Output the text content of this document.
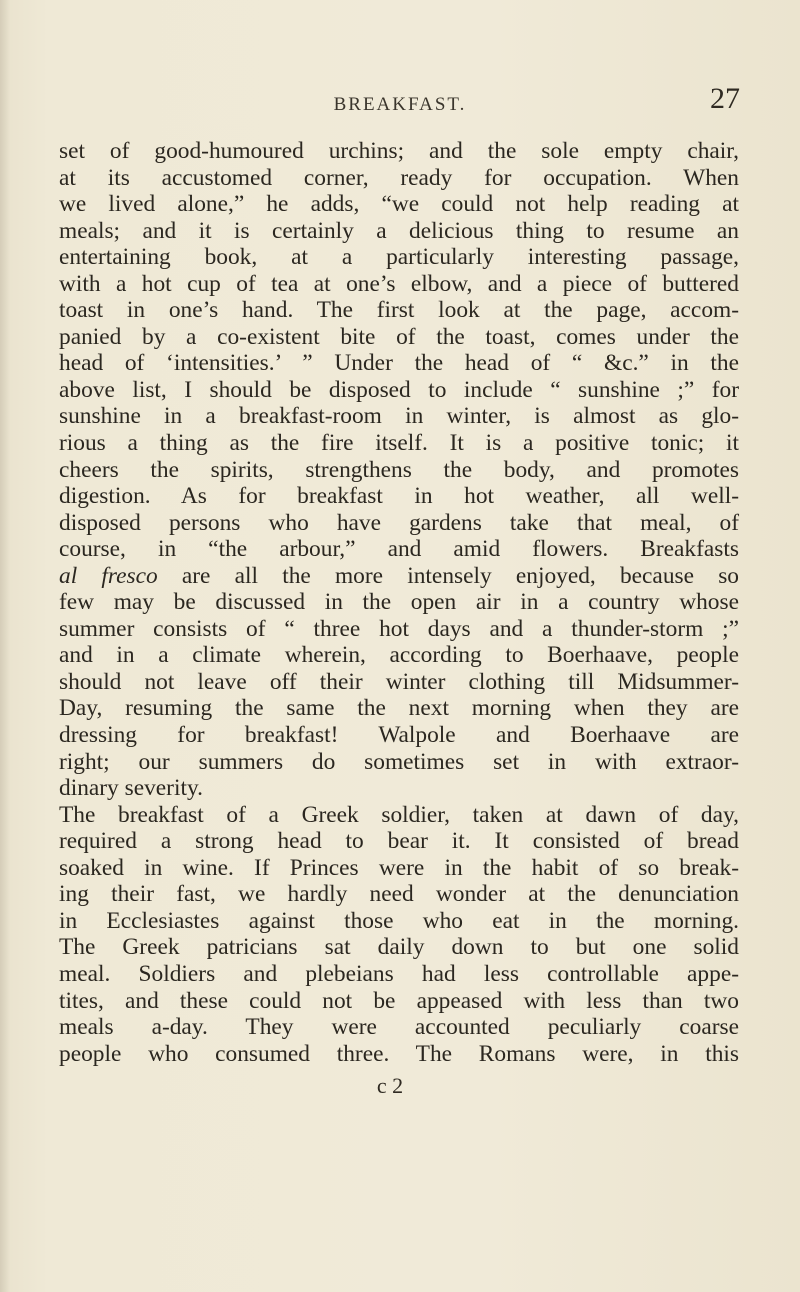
BREAKFAST.	27
set of good-humoured urchins; and the sole empty chair,
at its accustomed corner, ready for occupation. When
we lived alone,” he adds, “we could not help reading at
meals; and it is certainly a delicious thing to resume an
entertaining book, at a particularly interesting passage,
with a hot cup of tea at one’s elbow, and a piece of buttered
toast in one’s hand. The first look at the page, accom-
panied by a co-existent bite of the toast, comes under the
head of ‘intensities.’ ” Under the head of “ &c.” in the
above list, I should be disposed to include “ sunshine ;” for
sunshine in a breakfast-room in winter, is almost as glo-
rious a thing as the fire itself. It is a positive tonic; it
cheers the spirits, strengthens the body, and promotes
digestion. As for breakfast in hot weather, all well-
disposed persons who have gardens take that meal, of
course, in “the arbour,” and amid flowers. Breakfasts
al fresco are all the more intensely enjoyed, because so
few may be discussed in the open air in a country whose
summer consists of “ three hot days and a thunder-storm ;”
and in a climate wherein, according to Boerhaave, people
should not leave off their winter clothing till Midsummer-
Day, resuming the same the next morning when they are
dressing for breakfast! Walpole and Boerhaave are
right; our summers do sometimes set in with extraor-
dinary severity.
The breakfast of a Greek soldier, taken at dawn of day,
required a strong head to bear it. It consisted of bread
soaked in wine. If Princes were in the habit of so break-
ing their fast, we hardly need wonder at the denunciation
in Ecclesiastes against those who eat in the morning.
The Greek patricians sat daily down to but one solid
meal. Soldiers and plebeians had less controllable appe-
tites, and these could not be appeased with less than two
meals a-day. They were accounted peculiarly coarse
people who consumed three. The Romans were, in this
c 2
